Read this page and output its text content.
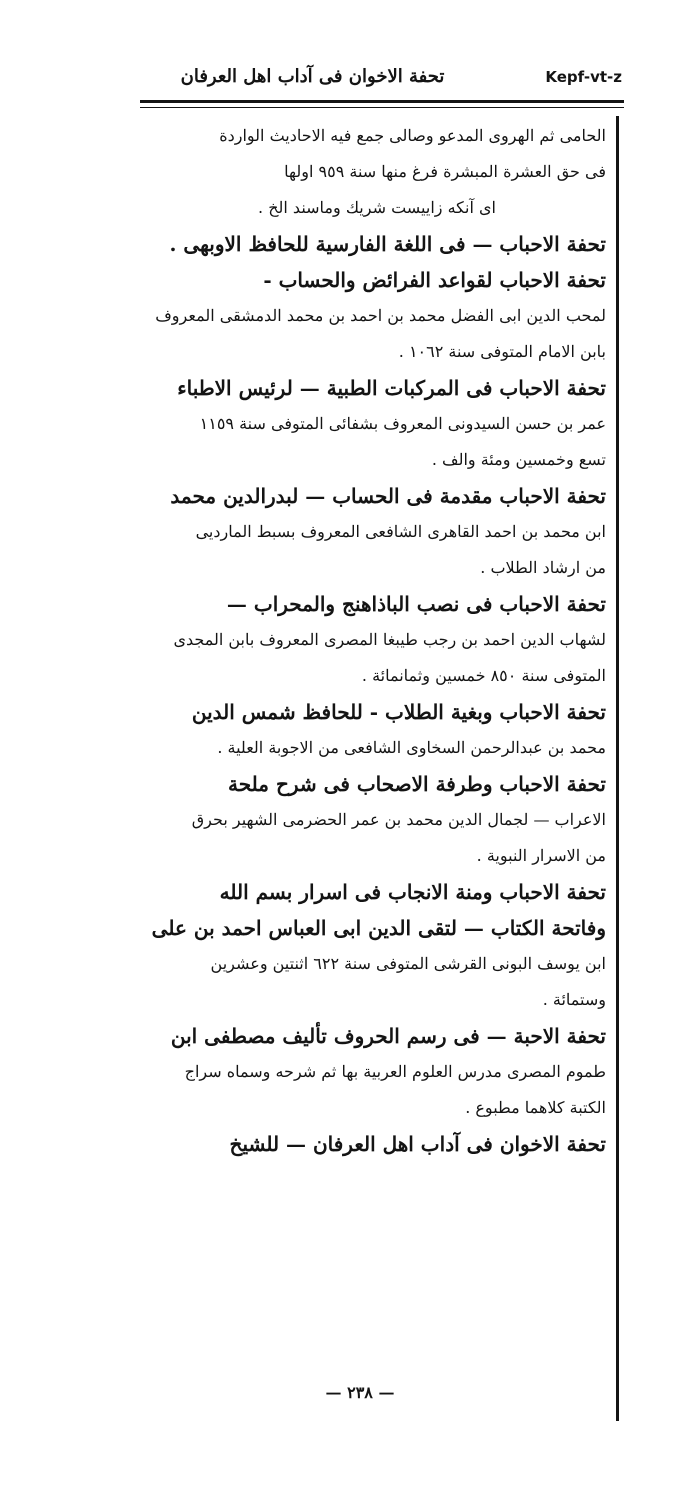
تحفة الاخوان فى آداب اهل العرفان	Kepf-vt-z
الحامى ثم الهروى المدعو وصالى جمع فيه الاحاديث الواردة
فى حق العشرة المبشرة فرغ منها سنة ٩٥٩ اولها
اى آنكه زاييست شريك وماسند الخ .
تحفة الاحباب — فى اللغة الفارسية للحافظ الاوبهى .
تحفة الاحباب لقواعد الفرائض والحساب -
لمحب الدين ابى الفضل محمد بن احمد بن محمد الدمشقى المعروف
بابن الامام المتوفى سنة ١٠٦٢ .
تحفة الاحباب فى المركبات الطبية — لرئيس الاطباء
عمر بن حسن السيدونى المعروف بشفائى المتوفى سنة ١١٥٩
تسع وخمسين ومئة والف .
تحفة الاحباب مقدمة فى الحساب — لبدرالدين محمد
ابن محمد بن احمد القاهرى الشافعى المعروف بسبط المارديى
من ارشاد الطلاب .
تحفة الاحباب فى نصب الباذاهنج والمحراب —
لشهاب الدين احمد بن رجب طيبغا المصرى المعروف بابن المجدى
المتوفى سنة ٨٥٠ خمسين وثمانمائة .
تحفة الاحباب وبغية الطلاب - للحافظ شمس الدين
محمد بن عبدالرحمن السخاوى الشافعى من الاجوبة العلية .
تحفة الاحباب وطرفة الاصحاب فى شرح ملحة
الاعراب — لجمال الدين محمد بن عمر الحضرمى الشهير بحرق
من الاسرار النبوية .
تحفة الاحباب ومنة الانجاب فى اسرار بسم الله
وفاتحة الكتاب — لتقى الدين ابى العباس احمد بن على
ابن يوسف البونى القرشى المتوفى سنة ٦٢٢ اثنتين وعشرين
وستمائة .
تحفة الاحبة — فى رسم الحروف تأليف مصطفى ابن
طموم المصرى مدرس العلوم العربية بها ثم شرحه وسماه سراج
الكتبة كلاهما مطبوع .
تحفة الاخوان فى آداب اهل العرفان — للشيخ
— ٢٣٨ —
